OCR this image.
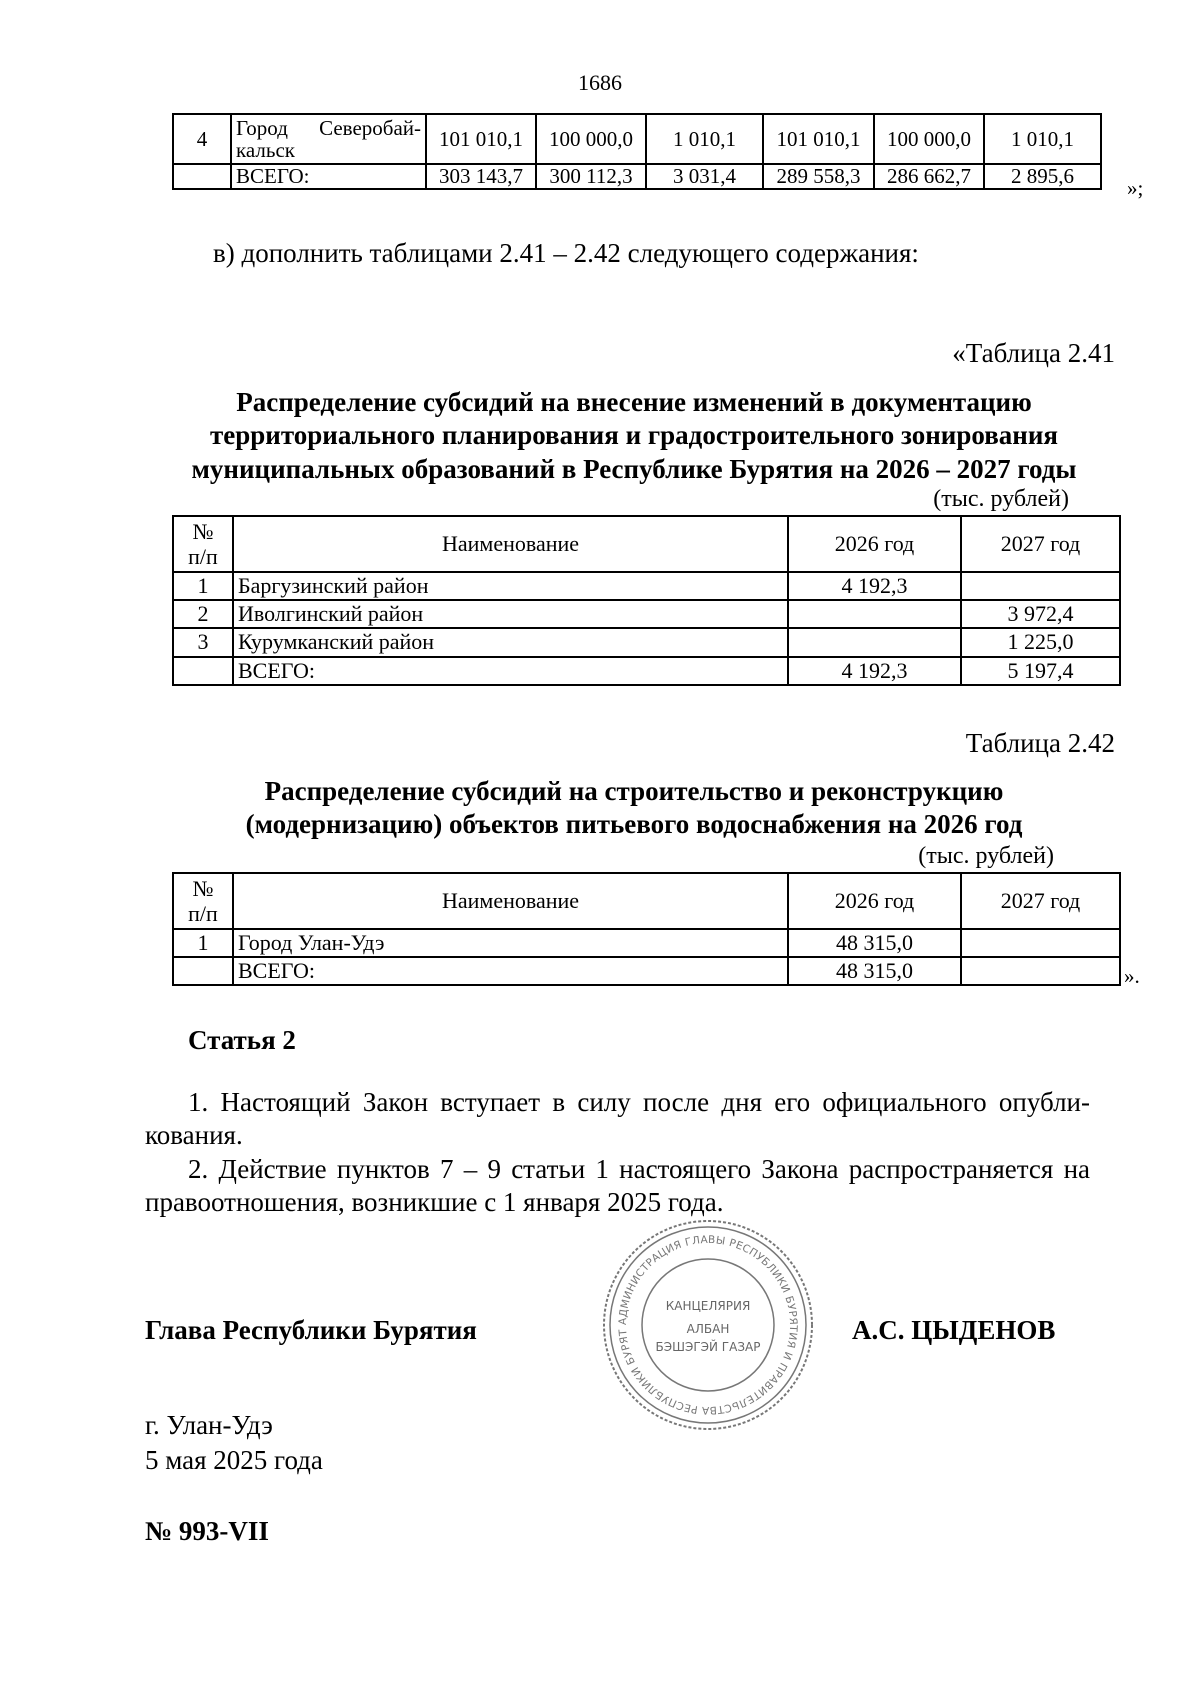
1686
4	Город Северобай-
кальск	101 010,1	100 000,0	1 010,1	101 010,1	100 000,0	1 010,1
	ВСЕГО:	303 143,7	300 112,3	3 031,4	289 558,3	286 662,7	2 895,6	»;
в) дополнить таблицами 2.41 – 2.42 следующего содержания:
«Таблица 2.41
Распределение субсидий на внесение изменений в документацию
территориального планирования и градостроительного зонирования
муниципальных образований в Республике Бурятия на 2026 – 2027 годы
(тыс. рублей)
№
п/п	Наименование	2026 год	2027 год
1	Баргузинский район	4 192,3	
2	Иволгинский район		3 972,4
3	Курумканский район		1 225,0
	ВСЕГО:	4 192,3	5 197,4
Таблица 2.42
Распределение субсидий на строительство и реконструкцию
(модернизацию) объектов питьевого водоснабжения на 2026 год
(тыс. рублей)
№
п/п	Наименование	2026 год	2027 год
1	Город Улан-Удэ	48 315,0	
	ВСЕГО:	48 315,0		».
Статья 2
1. Настоящий Закон вступает в силу после дня его официального опубли-кования.
2. Действие пунктов 7 – 9 статьи 1 настоящего Закона распространяется на правоотношения, возникшие с 1 января 2025 года.
Глава Республики Бурятия	А.С. ЦЫДЕНОВ
АДМИНИСТРАЦИЯ ГЛАВЫ РЕСПУБЛИКИ БУРЯТИЯ И ПРАВИТЕЛЬСТВА РЕСПУБЛИКИ БУРЯТ
КАНЦЕЛЯРИЯ
АЛБАН
БЭШЭГЭЙ ГАЗАР
г. Улан-Удэ
5 мая 2025 года
№ 993-VII
